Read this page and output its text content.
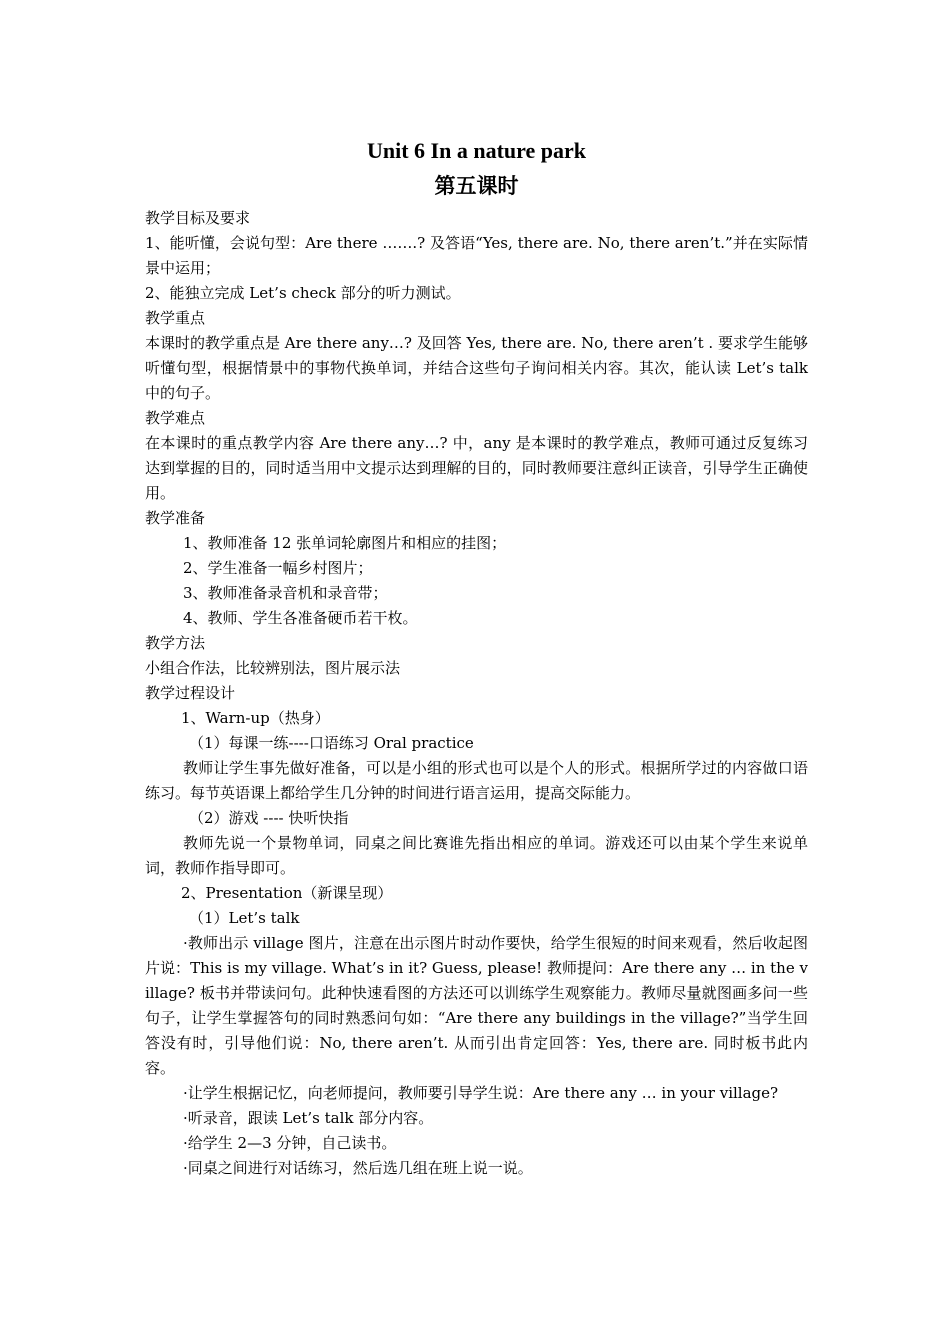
Unit 6 In a nature park
第五课时

教学目标及要求

1、能听懂，会说句型：Are there …….? 及答语“Yes, there are. No, there aren’t.”并在实际情景中运用；

2、能独立完成 Let’s check 部分的听力测试。

教学重点

本课时的教学重点是 Are there any…? 及回答 Yes, there are. No, there aren’t . 要求学生能够听懂句型，根据情景中的事物代换单词，并结合这些句子询问相关内容。其次，能认读 Let’s talk 中的句子。

教学难点

在本课时的重点教学内容 Are there any…? 中，any 是本课时的教学难点，教师可通过反复练习达到掌握的目的，同时适当用中文提示达到理解的目的，同时教师要注意纠正读音，引导学生正确使用。

教学准备

1、教师准备 12 张单词轮廓图片和相应的挂图；

2、学生准备一幅乡村图片；

3、教师准备录音机和录音带；

4、教师、学生各准备硬币若干枚。

教学方法

小组合作法，比较辨别法，图片展示法

教学过程设计

1、Warn-up（热身）

（1）每课一练----口语练习 Oral practice

教师让学生事先做好准备，可以是小组的形式也可以是个人的形式。根据所学过的内容做口语练习。每节英语课上都给学生几分钟的时间进行语言运用，提高交际能力。

（2）游戏 ---- 快听快指

教师先说一个景物单词，同桌之间比赛谁先指出相应的单词。游戏还可以由某个学生来说单词，教师作指导即可。

2、Presentation（新课呈现）

（1）Let’s talk

·教师出示 village 图片，注意在出示图片时动作要快，给学生很短的时间来观看，然后收起图片说：This is my village. What’s in it? Guess, please! 教师提问：Are there any … in the village? 板书并带读问句。此种快速看图的方法还可以训练学生观察能力。教师尽量就图画多问一些句子，让学生掌握答句的同时熟悉问句如：“Are there any buildings in the village?”当学生回答没有时，引导他们说：No, there aren’t. 从而引出肯定回答：Yes, there are. 同时板书此内容。

·让学生根据记忆，向老师提问，教师要引导学生说：Are there any … in your village?

·听录音，跟读 Let’s talk 部分内容。

·给学生 2—3 分钟，自己读书。

·同桌之间进行对话练习，然后选几组在班上说一说。
